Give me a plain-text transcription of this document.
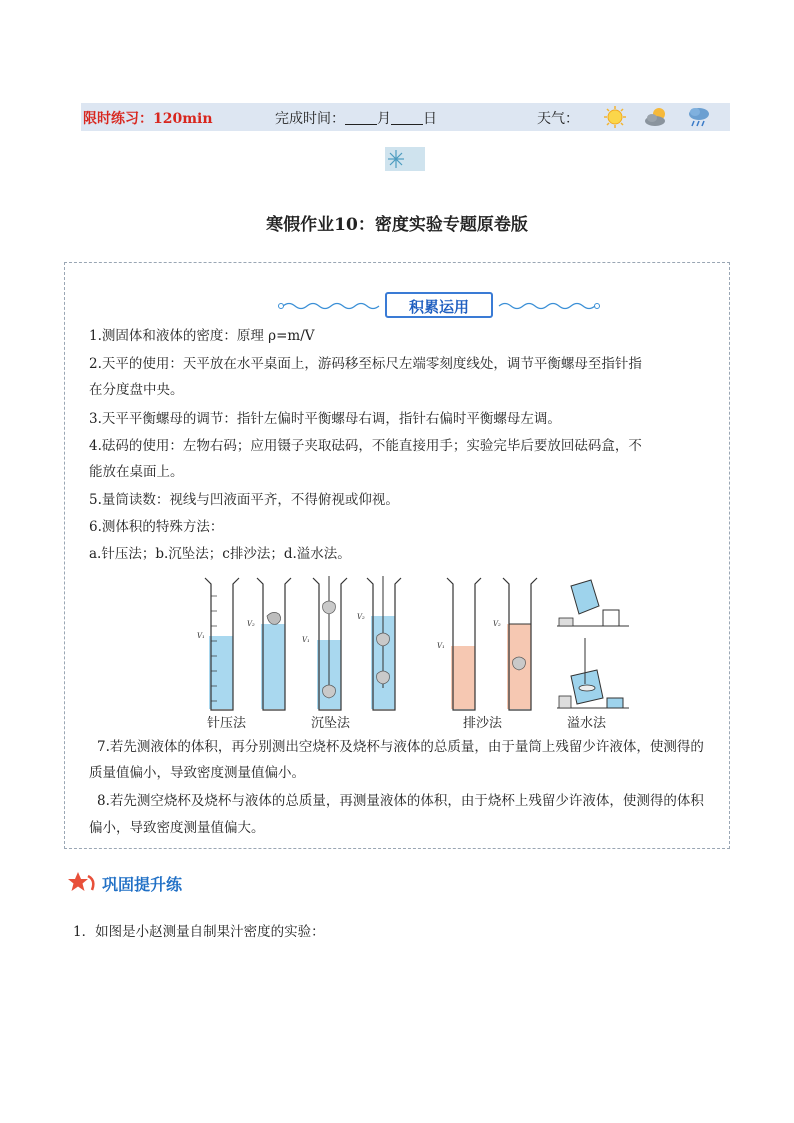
限时练习：120min	完成时间： 月 日	天气：
寒假作业10：密度实验专题原卷版
积累运用
1.测固体和液体的密度：原理 ρ=m/V
2.天平的使用：天平放在水平桌面上，游码移至标尺左端零刻度线处，调节平衡螺母至指针指
在分度盘中央。
3.天平平衡螺母的调节：指针左偏时平衡螺母右调，指针右偏时平衡螺母左调。
4.砝码的使用：左物右码；应用镊子夹取砝码，不能直接用手；实验完毕后要放回砝码盒，不
能放在桌面上。
5.量筒读数：视线与凹液面平齐，不得俯视或仰视。
6.测体积的特殊方法：
a.针压法；b.沉坠法；c排沙法；d.溢水法。
V₁
V₂
V₁
V₂
V₁
V₂
针压法	沉坠法	排沙法	溢水法
7.若先测液体的体积，再分别测出空烧杯及烧杯与液体的总质量，由于量筒上残留少许液体，使测得的
质量值偏小，导致密度测量值偏小。
8.若先测空烧杯及烧杯与液体的总质量，再测量液体的体积，由于烧杯上残留少许液体，使测得的体积
偏小，导致密度测量值偏大。
巩固提升练
1．如图是小赵测量自制果汁密度的实验：
